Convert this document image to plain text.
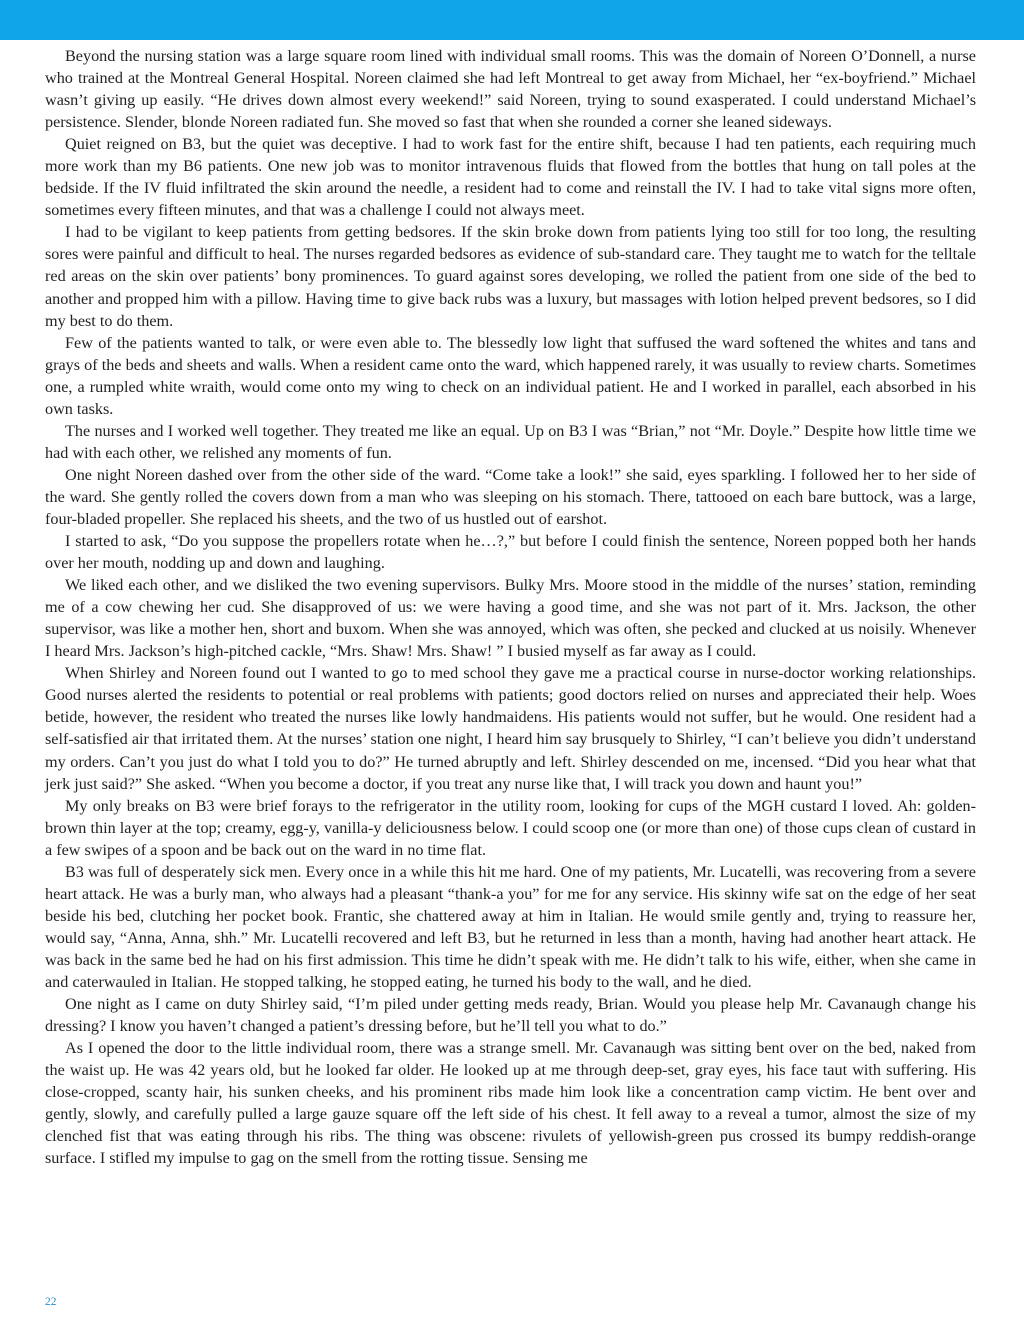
Beyond the nursing station was a large square room lined with individual small rooms. This was the domain of Noreen O’Donnell, a nurse who trained at the Montreal General Hospital. Noreen claimed she had left Montreal to get away from Michael, her “ex-boyfriend.” Michael wasn’t giving up easily. “He drives down almost every weekend!” said Noreen, trying to sound exasperated. I could understand Michael’s persistence. Slender, blonde Noreen radiated fun. She moved so fast that when she rounded a corner she leaned sideways.

Quiet reigned on B3, but the quiet was deceptive. I had to work fast for the entire shift, because I had ten patients, each requiring much more work than my B6 patients. One new job was to monitor intravenous fluids that flowed from the bottles that hung on tall poles at the bedside. If the IV fluid infiltrated the skin around the needle, a resident had to come and reinstall the IV. I had to take vital signs more often, sometimes every fifteen minutes, and that was a challenge I could not always meet.

I had to be vigilant to keep patients from getting bedsores. If the skin broke down from patients lying too still for too long, the resulting sores were painful and difficult to heal. The nurses regarded bedsores as evidence of sub-standard care. They taught me to watch for the telltale red areas on the skin over patients’ bony prominences. To guard against sores developing, we rolled the patient from one side of the bed to another and propped him with a pillow. Having time to give back rubs was a luxury, but massages with lotion helped prevent bedsores, so I did my best to do them.

Few of the patients wanted to talk, or were even able to. The blessedly low light that suffused the ward softened the whites and tans and grays of the beds and sheets and walls. When a resident came onto the ward, which happened rarely, it was usually to review charts. Sometimes one, a rumpled white wraith, would come onto my wing to check on an individual patient. He and I worked in parallel, each absorbed in his own tasks.

The nurses and I worked well together. They treated me like an equal. Up on B3 I was “Brian,” not “Mr. Doyle.” Despite how little time we had with each other, we relished any moments of fun.

One night Noreen dashed over from the other side of the ward. “Come take a look!” she said, eyes sparkling. I followed her to her side of the ward. She gently rolled the covers down from a man who was sleeping on his stomach. There, tattooed on each bare buttock, was a large, four-bladed propeller. She replaced his sheets, and the two of us hustled out of earshot.

I started to ask, “Do you suppose the propellers rotate when he…?,” but before I could finish the sentence, Noreen popped both her hands over her mouth, nodding up and down and laughing.

We liked each other, and we disliked the two evening supervisors. Bulky Mrs. Moore stood in the middle of the nurses’ station, reminding me of a cow chewing her cud. She disapproved of us: we were having a good time, and she was not part of it. Mrs. Jackson, the other supervisor, was like a mother hen, short and buxom. When she was annoyed, which was often, she pecked and clucked at us noisily. Whenever I heard Mrs. Jackson’s high-pitched cackle, “Mrs. Shaw! Mrs. Shaw! ” I busied myself as far away as I could.

When Shirley and Noreen found out I wanted to go to med school they gave me a practical course in nurse-doctor working relationships. Good nurses alerted the residents to potential or real problems with patients; good doctors relied on nurses and appreciated their help. Woes betide, however, the resident who treated the nurses like lowly handmaidens. His patients would not suffer, but he would. One resident had a self-satisfied air that irritated them. At the nurses’ station one night, I heard him say brusquely to Shirley, “I can’t believe you didn’t understand my orders. Can’t you just do what I told you to do?” He turned abruptly and left. Shirley descended on me, incensed. “Did you hear what that jerk just said?” She asked. “When you become a doctor, if you treat any nurse like that, I will track you down and haunt you!”

My only breaks on B3 were brief forays to the refrigerator in the utility room, looking for cups of the MGH custard I loved. Ah: golden-brown thin layer at the top; creamy, egg-y, vanilla-y deliciousness below. I could scoop one (or more than one) of those cups clean of custard in a few swipes of a spoon and be back out on the ward in no time flat.

B3 was full of desperately sick men. Every once in a while this hit me hard. One of my patients, Mr. Lucatelli, was recovering from a severe heart attack. He was a burly man, who always had a pleasant “thank-a you” for me for any service. His skinny wife sat on the edge of her seat beside his bed, clutching her pocket book. Frantic, she chattered away at him in Italian. He would smile gently and, trying to reassure her, would say, “Anna, Anna, shh.” Mr. Lucatelli recovered and left B3, but he returned in less than a month, having had another heart attack. He was back in the same bed he had on his first admission. This time he didn’t speak with me. He didn’t talk to his wife, either, when she came in and caterwauled in Italian. He stopped talking, he stopped eating, he turned his body to the wall, and he died.

One night as I came on duty Shirley said, “I’m piled under getting meds ready, Brian. Would you please help Mr. Cavanaugh change his dressing? I know you haven’t changed a patient’s dressing before, but he’ll tell you what to do.”

As I opened the door to the little individual room, there was a strange smell. Mr. Cavanaugh was sitting bent over on the bed, naked from the waist up. He was 42 years old, but he looked far older. He looked up at me through deep-set, gray eyes, his face taut with suffering. His close-cropped, scanty hair, his sunken cheeks, and his prominent ribs made him look like a concentration camp victim. He bent over and gently, slowly, and carefully pulled a large gauze square off the left side of his chest. It fell away to a reveal a tumor, almost the size of my clenched fist that was eating through his ribs. The thing was obscene: rivulets of yellowish-green pus crossed its bumpy reddish-orange surface. I stifled my impulse to gag on the smell from the rotting tissue. Sensing me

22
